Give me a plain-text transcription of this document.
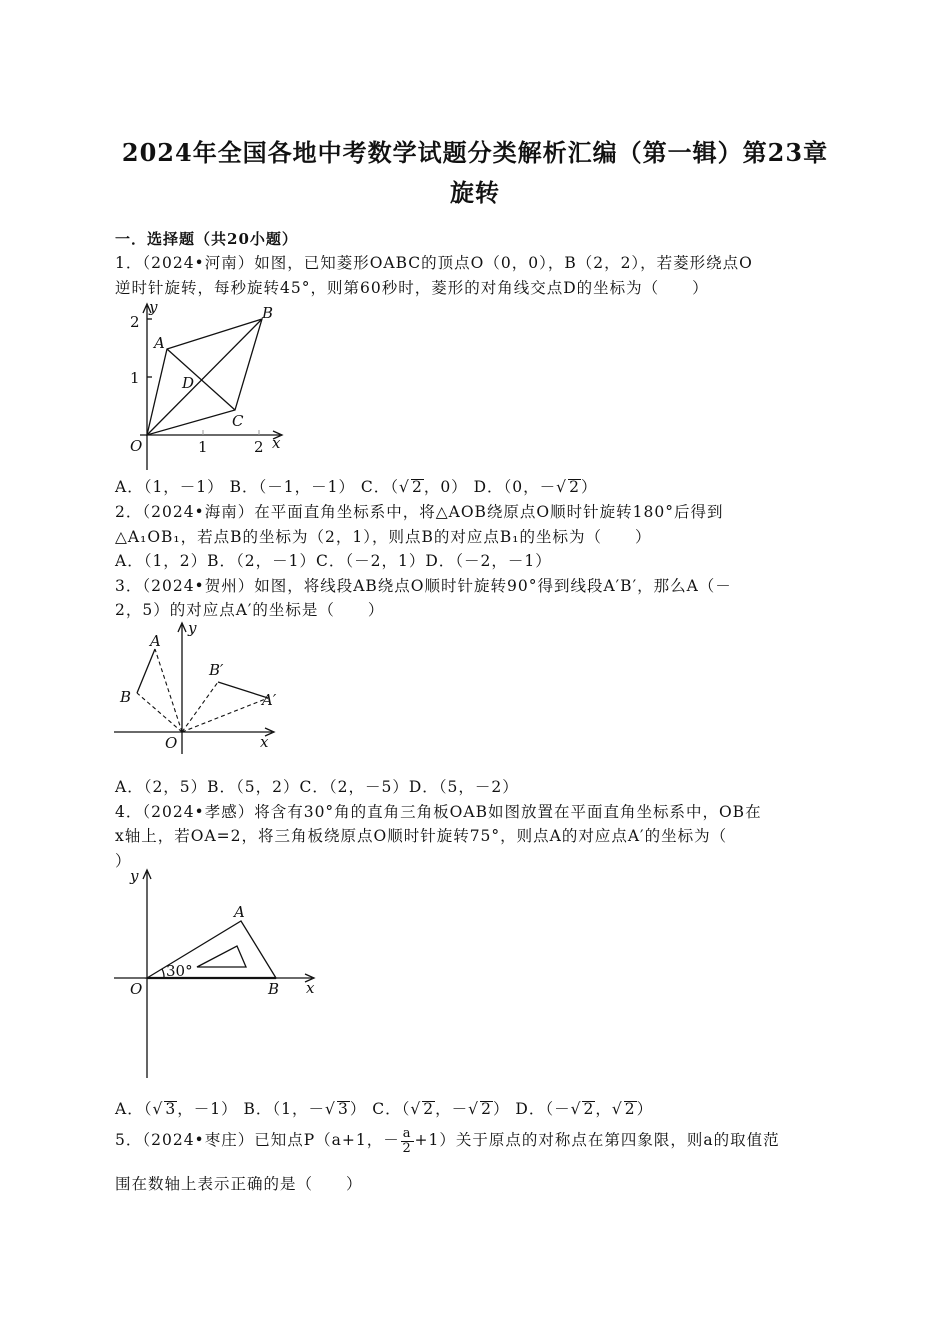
2024年全国各地中考数学试题分类解析汇编（第一辑）第23章
旋转
一．选择题（共20小题）
1．（2024•河南）如图，已知菱形OABC的顶点O（0，0），B（2，2），若菱形绕点O
逆时针旋转，每秒旋转45°，则第60秒时，菱形的对角线交点D的坐标为（　　）
y
x
2
1
1	2
A
B
C
D
O
A．（1，－1） B．（－1，－1） C．（√ 2，0） D．（0，－√ 2）
2．（2024•海南）在平面直角坐标系中，将△AOB绕原点O顺时针旋转180°后得到
△A₁OB₁，若点B的坐标为（2，1），则点B的对应点B₁的坐标为（　　）
A．（1，2）B．（2，－1）C．（－2，1）D．（－2，－1）
3．（2024•贺州）如图，将线段AB绕点O顺时针旋转90°得到线段A′B′，那么A（－
2，5）的对应点A′的坐标是（　　）
y
x
A
B
B′
A′
O
A．（2，5）B．（5，2）C．（2，－5）D．（5，－2）
4．（2024•孝感）将含有30°角的直角三角板OAB如图放置在平面直角坐标系中，OB在
x轴上，若OA=2，将三角板绕原点O顺时针旋转75°，则点A的对应点A′的坐标为（
）
y
x
A
B
O
30°
A．（√ 3，－1） B．（1，－√ 3） C．（√ 2，－√ 2） D．（－√ 2，√ 2）
5．（2024•枣庄）已知点P（a+1，－ $\frac{a}{2} +1$）关于原点的对称点在第四象限，则a的取值范
围在数轴上表示正确的是（　　）
